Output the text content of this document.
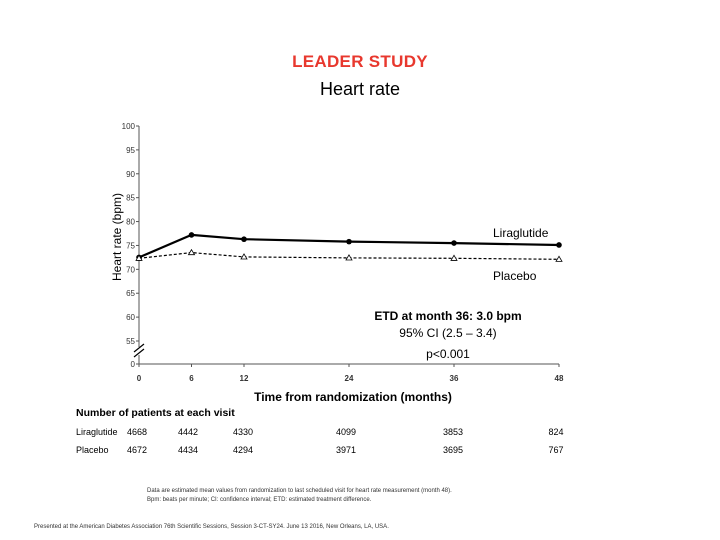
LEADER STUDY
Heart rate
100
95
90
85
80
75
70
65
60
55
0
0	6	12	24	36	48
Heart rate (bpm)
Time from randomization (months)
Liraglutide
Placebo
ETD at month 36: 3.0 bpm
95% CI (2.5 – 3.4)
p<0.001
Number of patients at each visit
Liraglutide	4668	4442	4330	4099	3853	824
Placebo	4672	4434	4294	3971	3695	767
Data are estimated mean values from randomization to last scheduled visit for heart rate measurement (month 48).
Bpm: beats per minute; CI: confidence interval; ETD: estimated treatment difference.
Presented at the American Diabetes Association 76th Scientific Sessions, Session 3-CT-SY24. June 13 2016, New Orleans, LA, USA.
